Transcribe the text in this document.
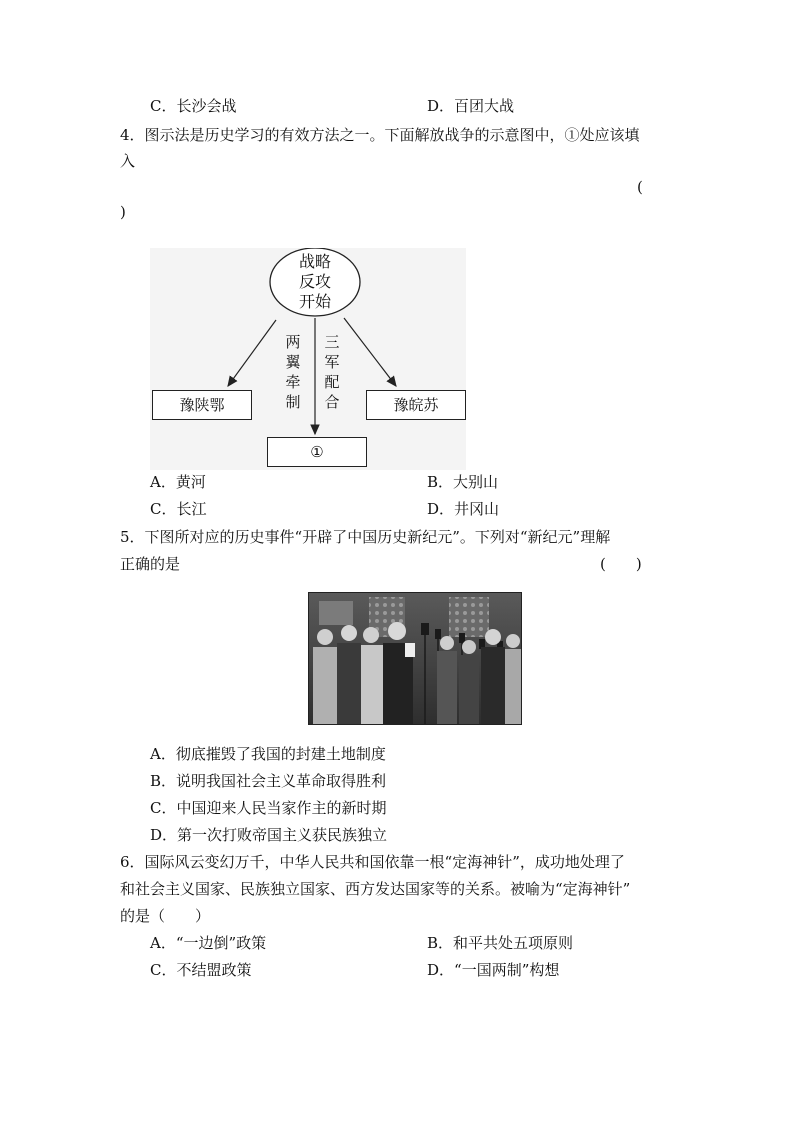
C．长沙会战	D．百团大战
4．图示法是历史学习的有效方法之一。下面解放战争的示意图中，①处应该填
入
(
)
战略
反攻
开始
两
翼
牵
制
三
军
配
合
豫陕鄂	豫皖苏
①
A．黄河	B．大别山
C．长江	D．井冈山
5．下图所对应的历史事件“开辟了中国历史新纪元”。下列对“新纪元”理解
正确的是	(　　)
A．彻底摧毁了我国的封建土地制度
B．说明我国社会主义革命取得胜利
C．中国迎来人民当家作主的新时期
D．第一次打败帝国主义获民族独立
6．国际风云变幻万千，中华人民共和国依靠一根“定海神针”，成功地处理了
和社会主义国家、民族独立国家、西方发达国家等的关系。被喻为“定海神针”
的是（　　）
A．“一边倒”政策	B．和平共处五项原则
C．不结盟政策	D．“一国两制”构想
